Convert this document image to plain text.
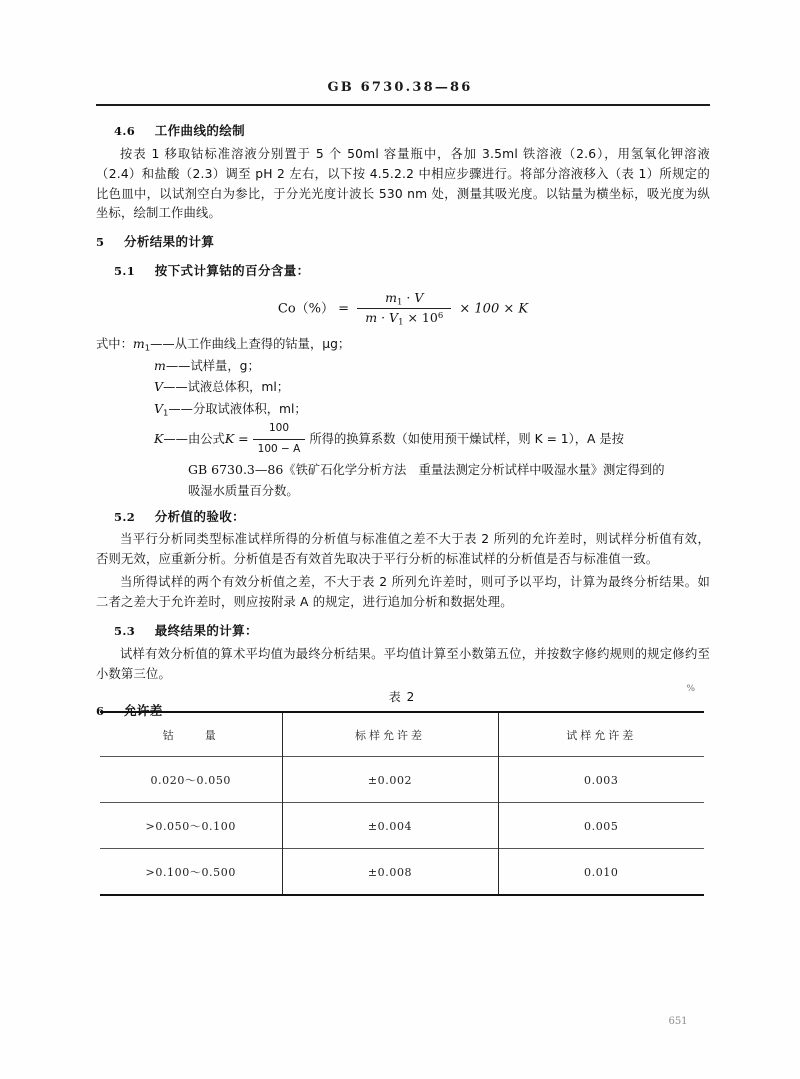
GB 6730.38—86
4.6 工作曲线的绘制

按表 1 移取钴标准溶液分别置于 5 个 50ml 容量瓶中，各加 3.5ml 铁溶液（2.6），用氢氧化钾溶液（2.4）和盐酸（2.3）调至 pH 2 左右，以下按 4.5.2.2 中相应步骤进行。将部分溶液移入（表 1）所规定的比色皿中，以试剂空白为参比，于分光光度计波长 530 nm 处，测量其吸光度。以钴量为横坐标，吸光度为纵坐标，绘制工作曲线。

5 分析结果的计算
5.1 按下式计算钴的百分含量：
$Co(\%) = \frac{m_1 \cdot V}{m \cdot V_1 \times 10^6} \times 100 \times K$
式中：$m_1——$从工作曲线上查得的钴量，μg；
m——试样量，g；
V——试液总体积，ml；
$V_1——$分取试液体积，ml；
K——由公式$K = \frac{100}{100 - A}$ 所得的换算系数（如使用预干燥试样，则 K = 1），A 是按
GB 6730.3—86《铁矿石化学分析方法　重量法测定分析试样中吸湿水量》测定得到的
吸湿水质量百分数。
5.2 分析值的验收：

当平行分析同类型标准试样所得的分析值与标准值之差不大于表 2 所列的允许差时，则试样分析值有效，否则无效，应重新分析。分析值是否有效首先取决于平行分析的标准试样的分析值是否与标准值一致。

当所得试样的两个有效分析值之差，不大于表 2 所列允许差时，则可予以平均，计算为最终分析结果。如二者之差大于允许差时，则应按附录 A 的规定，进行追加分析和数据处理。

5.3 最终结果的计算：

试样有效分析值的算术平均值为最终分析结果。平均值计算至小数第五位，并按数字修约规则的规定修约至小数第三位。

6 允许差
表 2
%
钴　　量	标样允许差	试样允许差
0.020～0.050	±0.002	0.003
>0.050～0.100	±0.004	0.005
>0.100～0.500	±0.008	0.010
651
